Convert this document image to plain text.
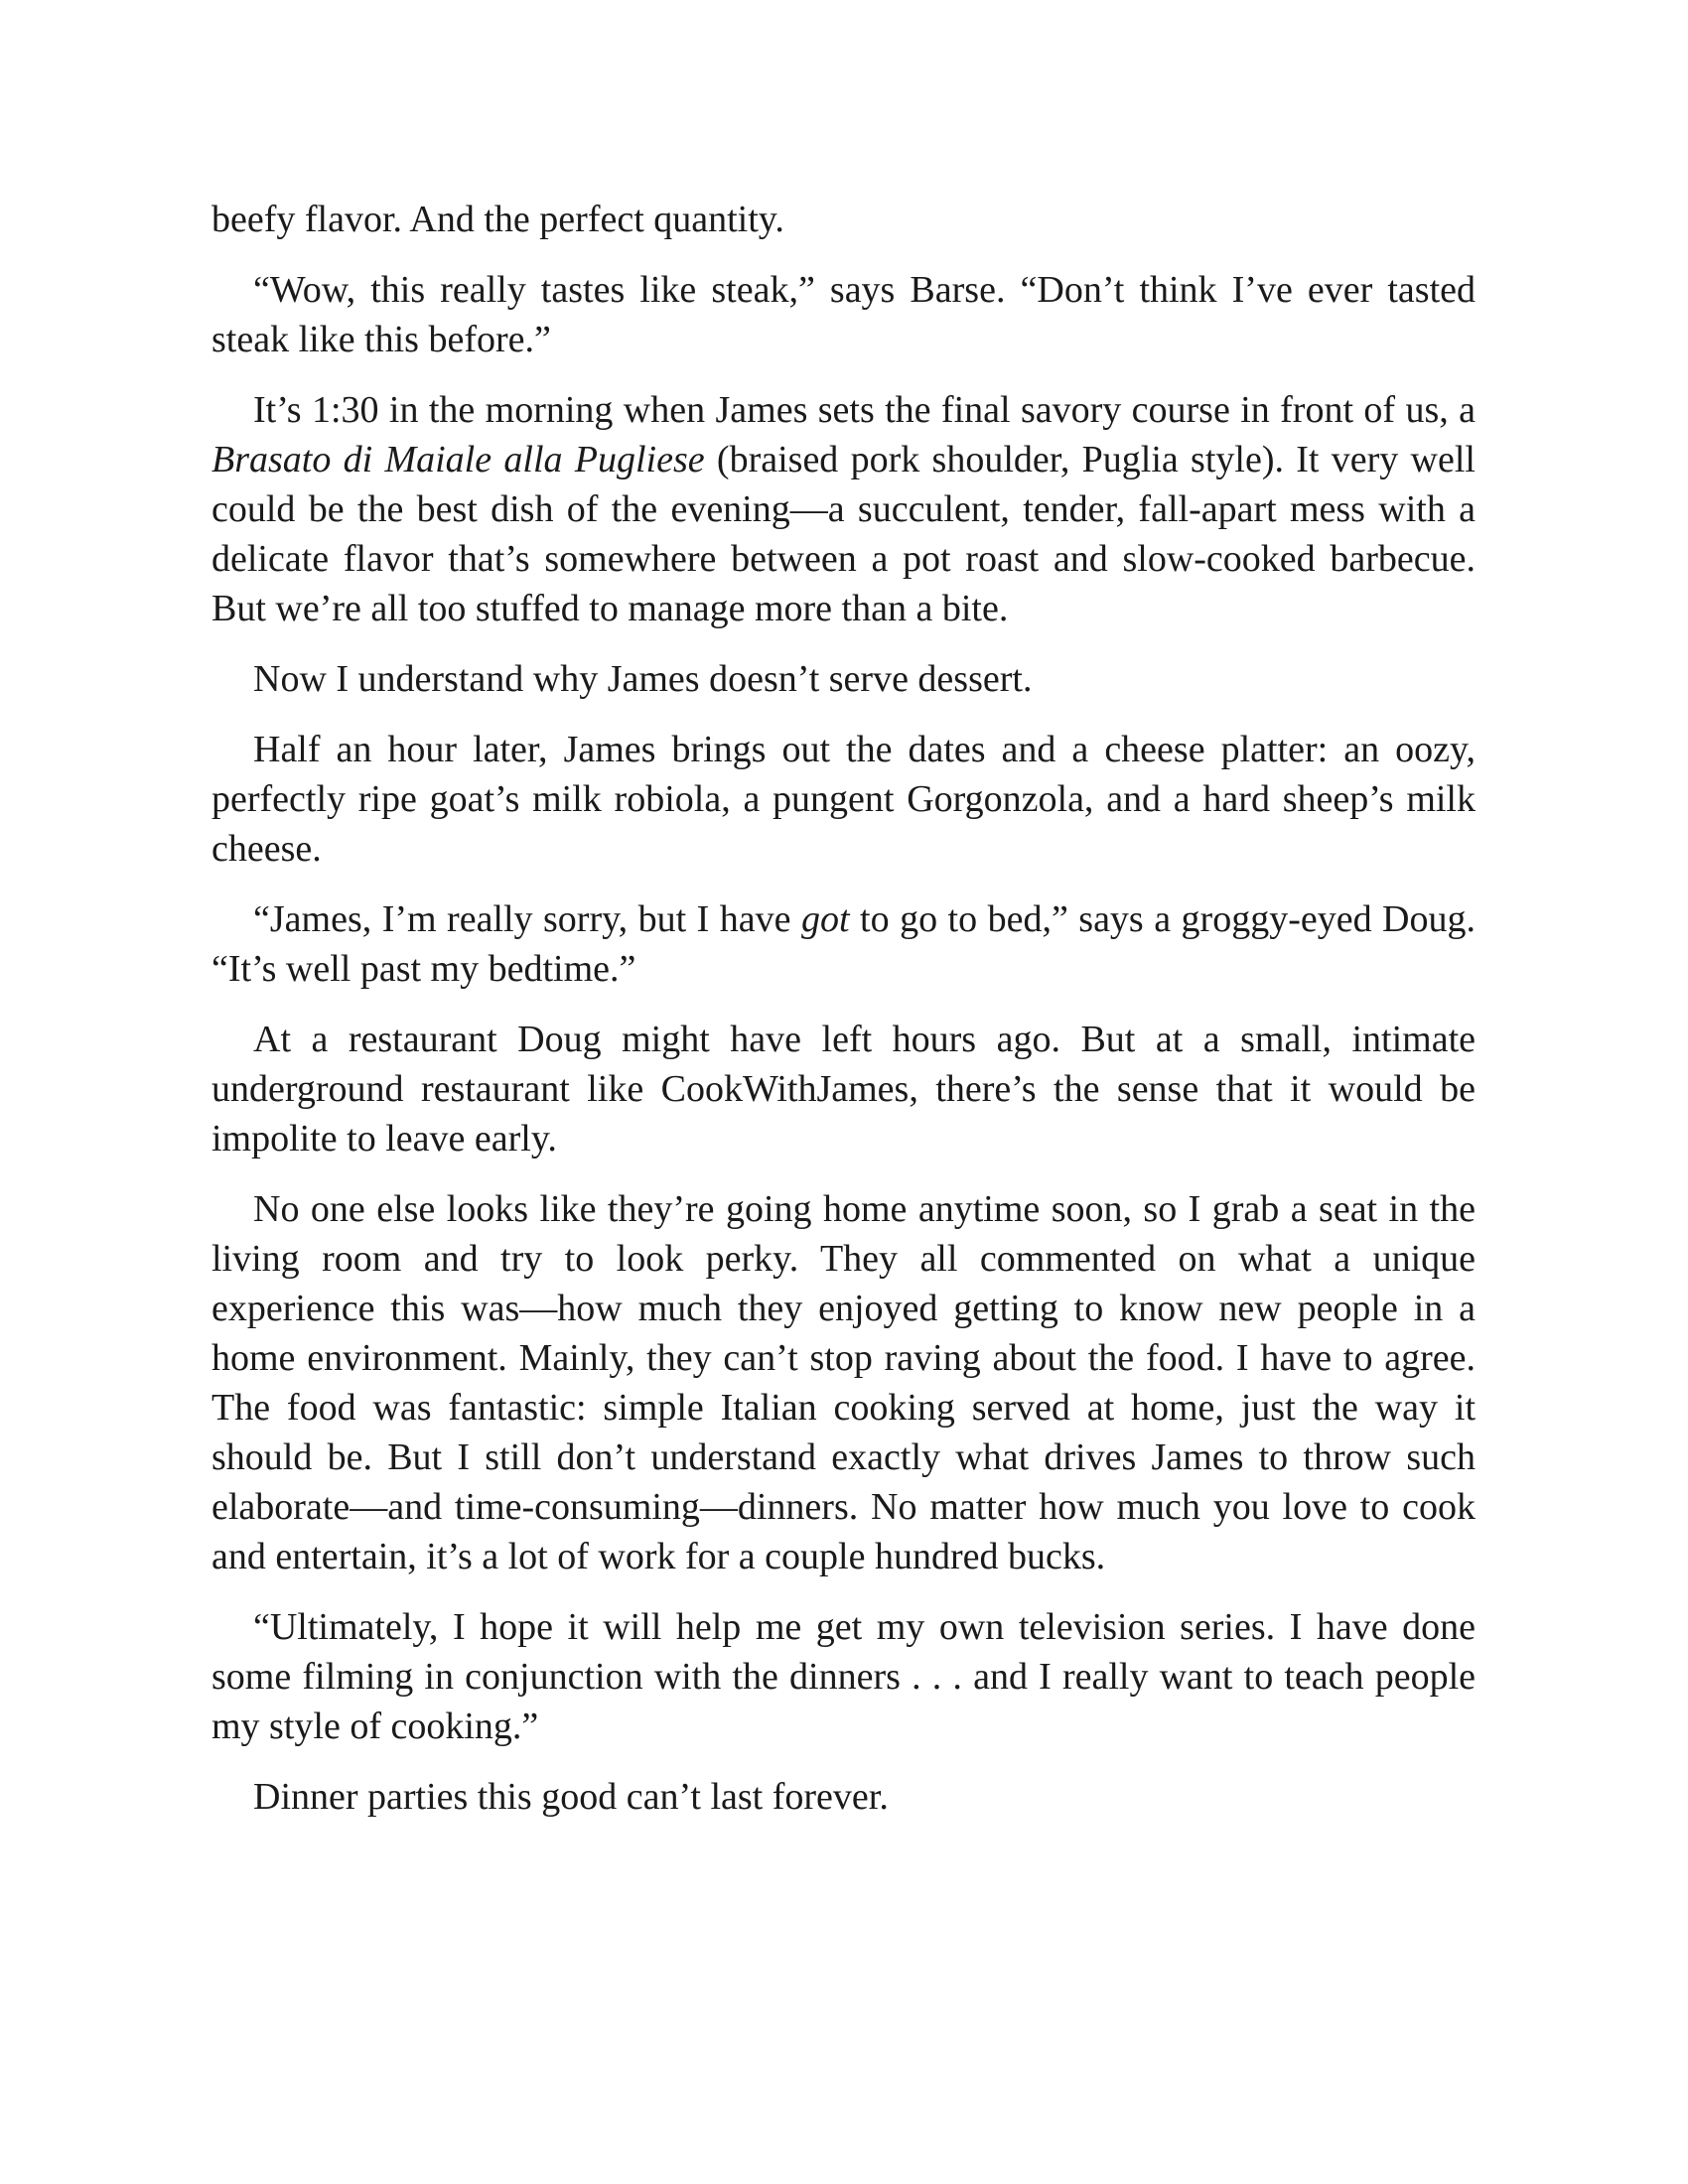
beefy flavor. And the perfect quantity.

“Wow, this really tastes like steak,” says Barse. “Don’t think I’ve ever tasted steak like this before.”

It’s 1:30 in the morning when James sets the final savory course in front of us, a Brasato di Maiale alla Pugliese (braised pork shoulder, Puglia style). It very well could be the best dish of the evening—a succulent, tender, fall-apart mess with a delicate flavor that’s somewhere between a pot roast and slow-cooked barbecue. But we’re all too stuffed to manage more than a bite.

Now I understand why James doesn’t serve dessert.

Half an hour later, James brings out the dates and a cheese platter: an oozy, perfectly ripe goat’s milk robiola, a pungent Gorgonzola, and a hard sheep’s milk cheese.

“James, I’m really sorry, but I have got to go to bed,” says a groggy-eyed Doug. “It’s well past my bedtime.”

At a restaurant Doug might have left hours ago. But at a small, intimate underground restaurant like CookWithJames, there’s the sense that it would be impolite to leave early.

No one else looks like they’re going home anytime soon, so I grab a seat in the living room and try to look perky. They all commented on what a unique experience this was—how much they enjoyed getting to know new people in a home environment. Mainly, they can’t stop raving about the food. I have to agree. The food was fantastic: simple Italian cooking served at home, just the way it should be. But I still don’t understand exactly what drives James to throw such elaborate—and time-consuming—dinners. No matter how much you love to cook and entertain, it’s a lot of work for a couple hundred bucks.

“Ultimately, I hope it will help me get my own television series. I have done some filming in conjunction with the dinners . . . and I really want to teach people my style of cooking.”

Dinner parties this good can’t last forever.
